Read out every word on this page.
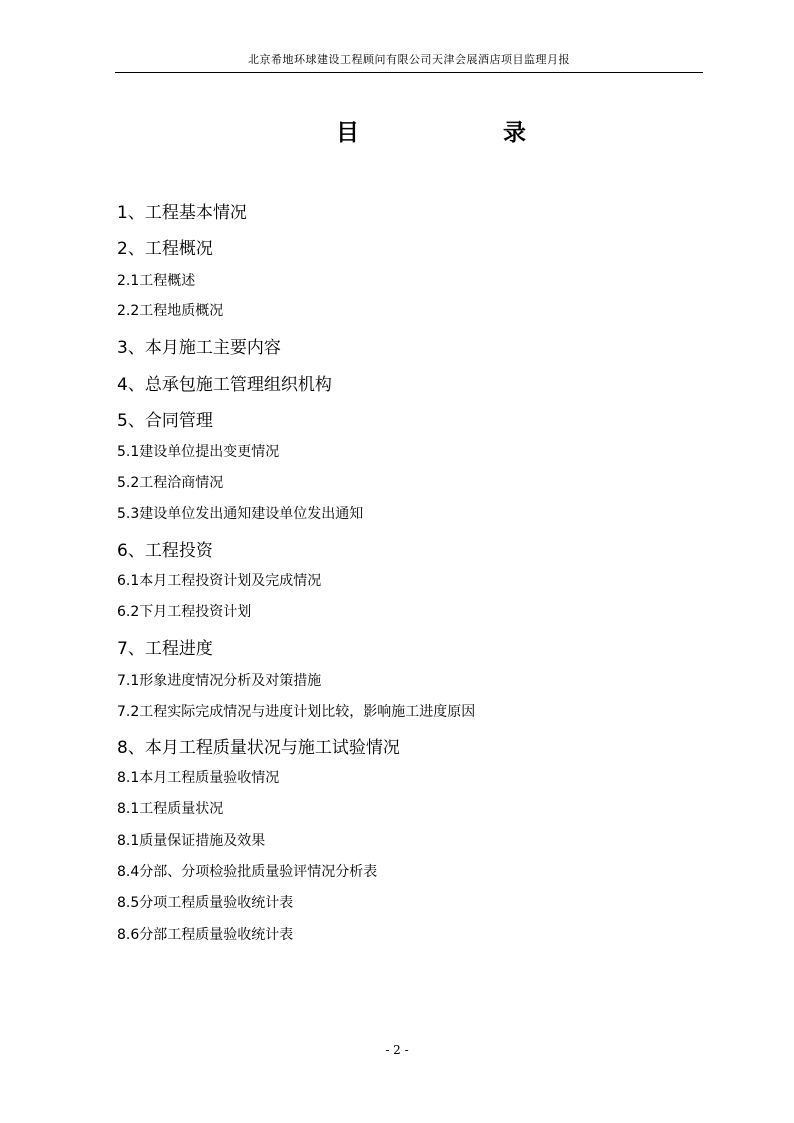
北京希地环球建设工程顾问有限公司天津会展酒店项目监理月报
目 录
1、工程基本情况
2、工程概况
2.1工程概述
2.2工程地质概况
3、本月施工主要内容
4、总承包施工管理组织机构
5、合同管理
5.1建设单位提出变更情况
5.2工程洽商情况
5.3建设单位发出通知建设单位发出通知
6、工程投资
6.1本月工程投资计划及完成情况
6.2下月工程投资计划
7、工程进度
7.1形象进度情况分析及对策措施
7.2工程实际完成情况与进度计划比较，影响施工进度原因
8、本月工程质量状况与施工试验情况
8.1本月工程质量验收情况
8.1工程质量状况
8.1质量保证措施及效果
8.4分部、分项检验批质量验评情况分析表
8.5分项工程质量验收统计表
8.6分部工程质量验收统计表
- 2 -
